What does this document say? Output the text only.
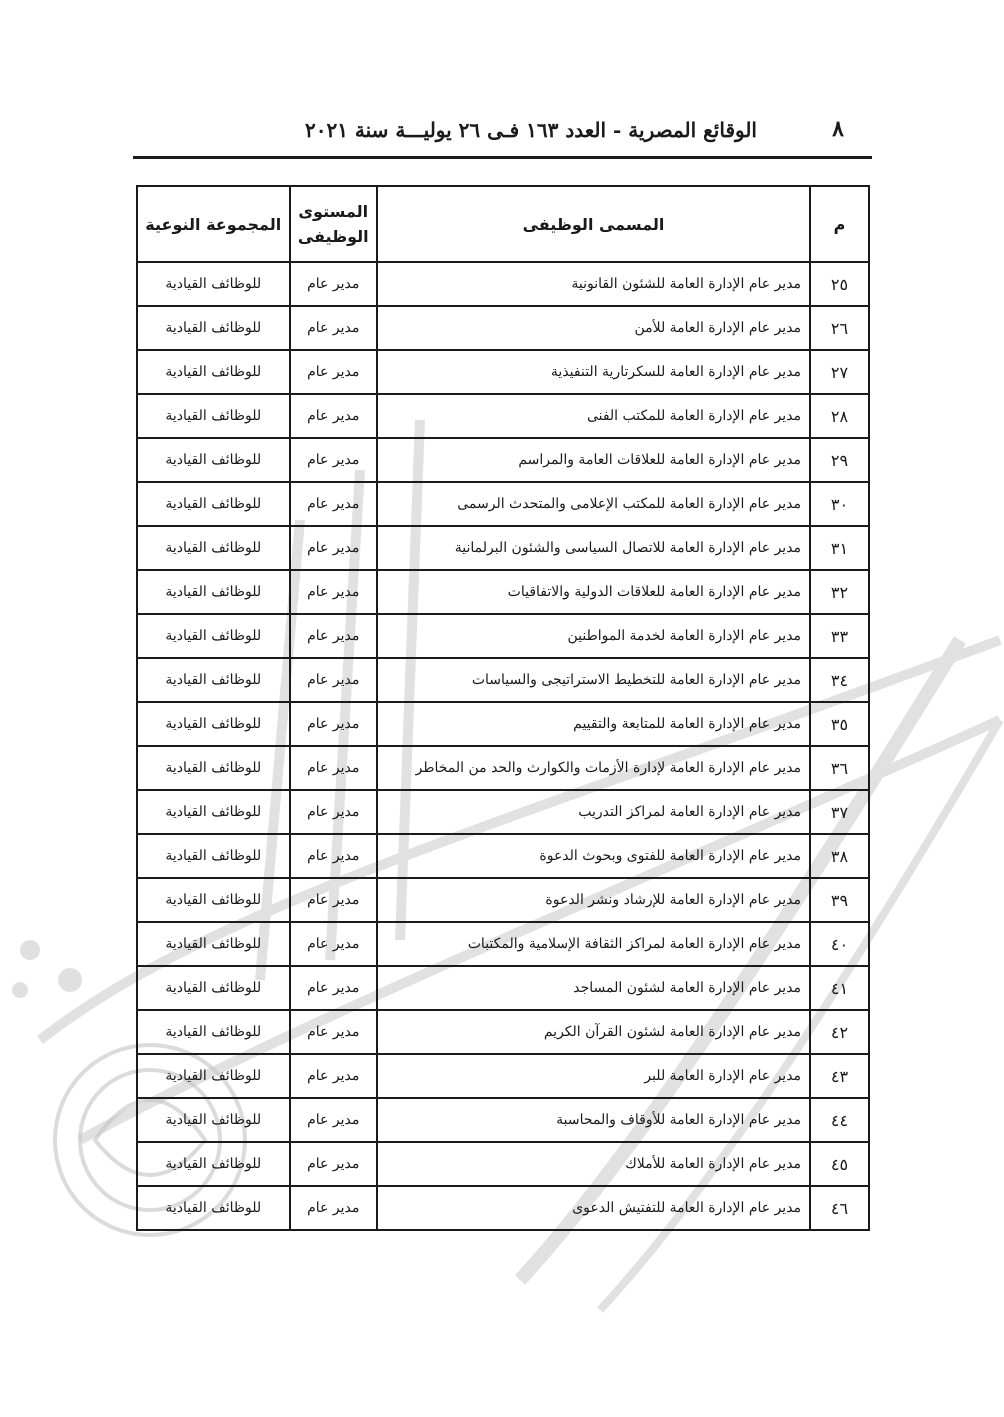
٨
الوقائع المصرية - العدد ١٦٣ فـى ٢٦ يوليـــة سنة ٢٠٢١
م	المسمى الوظيفى	المستوى الوظيفى	المجموعة النوعية
٢٥	مدير عام الإدارة العامة للشئون القانونية	مدير عام	للوظائف القيادية
٢٦	مدير عام الإدارة العامة للأمن	مدير عام	للوظائف القيادية
٢٧	مدير عام الإدارة العامة للسكرتارية التنفيذية	مدير عام	للوظائف القيادية
٢٨	مدير عام الإدارة العامة للمكتب الفنى	مدير عام	للوظائف القيادية
٢٩	مدير عام الإدارة العامة للعلاقات العامة والمراسم	مدير عام	للوظائف القيادية
٣٠	مدير عام الإدارة العامة للمكتب الإعلامى والمتحدث الرسمى	مدير عام	للوظائف القيادية
٣١	مدير عام الإدارة العامة للاتصال السياسى والشئون البرلمانية	مدير عام	للوظائف القيادية
٣٢	مدير عام الإدارة العامة للعلاقات الدولية والاتفاقيات	مدير عام	للوظائف القيادية
٣٣	مدير عام الإدارة العامة لخدمة المواطنين	مدير عام	للوظائف القيادية
٣٤	مدير عام الإدارة العامة للتخطيط الاستراتيجى والسياسات	مدير عام	للوظائف القيادية
٣٥	مدير عام الإدارة العامة للمتابعة والتقييم	مدير عام	للوظائف القيادية
٣٦	مدير عام الإدارة العامة لإدارة الأزمات والكوارث والحد من المخاطر	مدير عام	للوظائف القيادية
٣٧	مدير عام الإدارة العامة لمراكز التدريب	مدير عام	للوظائف القيادية
٣٨	مدير عام الإدارة العامة للفتوى وبحوث الدعوة	مدير عام	للوظائف القيادية
٣٩	مدير عام الإدارة العامة للإرشاد ونشر الدعوة	مدير عام	للوظائف القيادية
٤٠	مدير عام الإدارة العامة لمراكز الثقافة الإسلامية والمكتبات	مدير عام	للوظائف القيادية
٤١	مدير عام الإدارة العامة لشئون المساجد	مدير عام	للوظائف القيادية
٤٢	مدير عام الإدارة العامة لشئون القرآن الكريم	مدير عام	للوظائف القيادية
٤٣	مدير عام الإدارة العامة للبر	مدير عام	للوظائف القيادية
٤٤	مدير عام الإدارة العامة للأوقاف والمحاسبة	مدير عام	للوظائف القيادية
٤٥	مدير عام الإدارة العامة للأملاك	مدير عام	للوظائف القيادية
٤٦	مدير عام الإدارة العامة للتفتيش الدعوى	مدير عام	للوظائف القيادية
